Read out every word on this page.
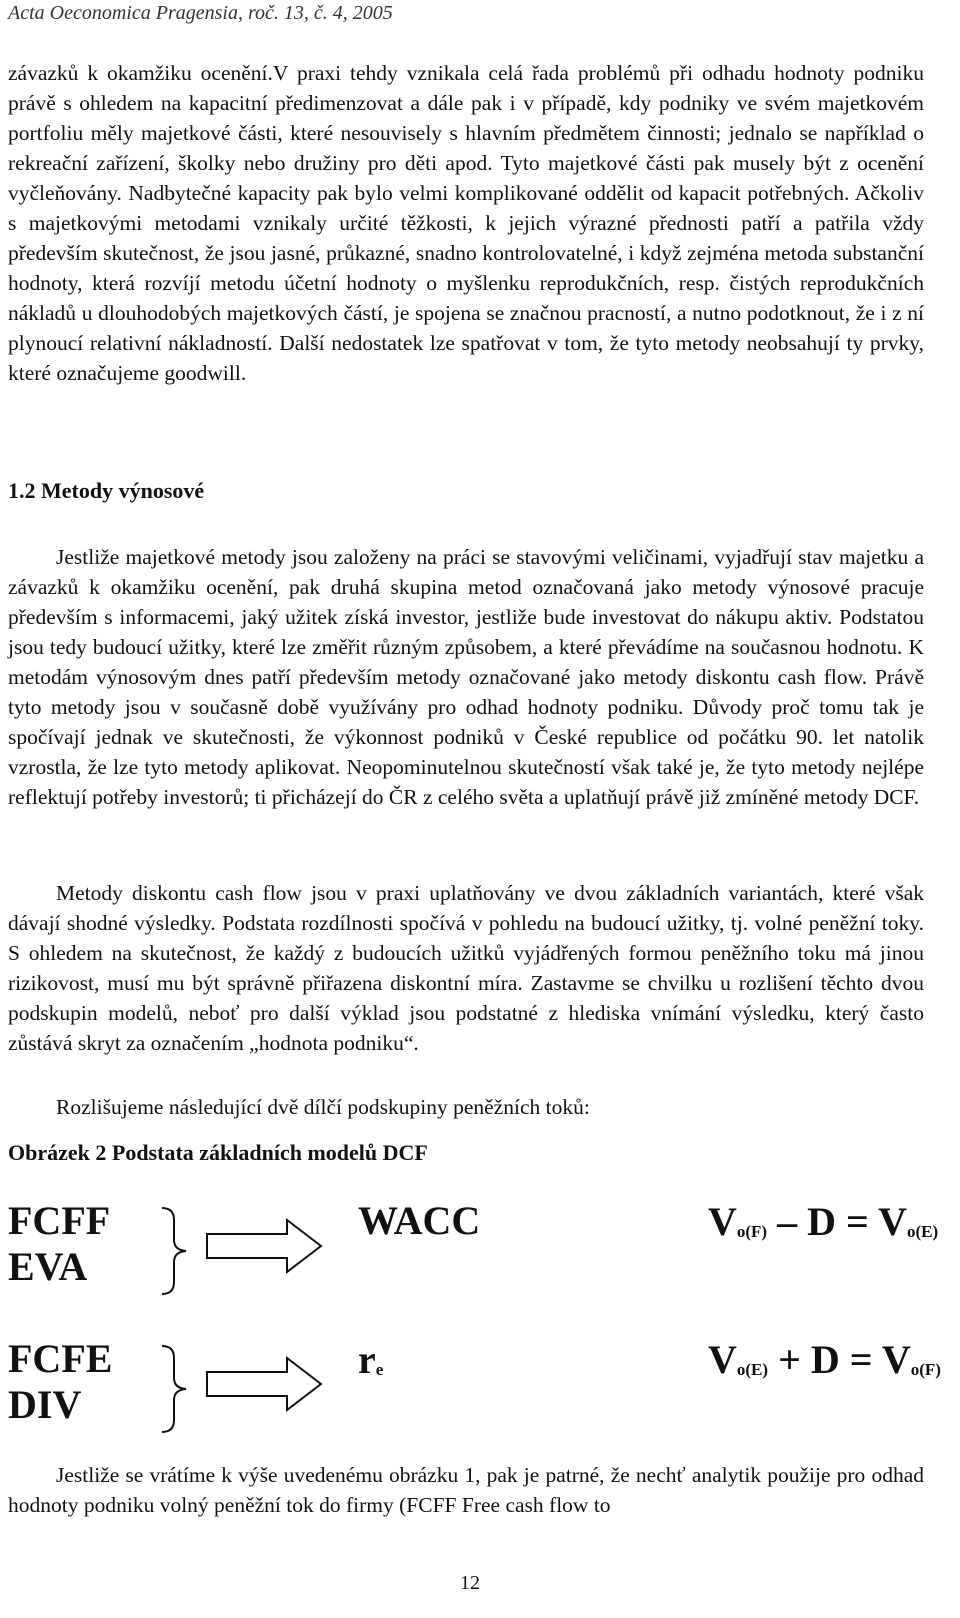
Acta Oeconomica Pragensia, roč. 13, č. 4, 2005

závazků k okamžiku ocenění.V praxi tehdy vznikala celá řada problémů při odhadu hodnoty podniku právě s ohledem na kapacitní předimenzovat a dále pak i v případě, kdy podniky ve svém majetkovém portfoliu měly majetkové části, které nesouvisely s hlavním předmětem činnosti; jednalo se například o rekreační zařízení, školky nebo družiny pro děti apod. Tyto majetkové části pak musely být z ocenění vyčleňovány. Nadbytečné kapacity pak bylo velmi komplikované oddělit od kapacit potřebných. Ačkoliv s majetkovými metodami vznikaly určité těžkosti, k jejich výrazné přednosti patří a patřila vždy především skutečnost, že jsou jasné, průkazné, snadno kontrolovatelné, i když zejména metoda substanční hodnoty, která rozvíjí metodu účetní hodnoty o myšlenku reprodukčních, resp. čistých reprodukčních nákladů u dlouhodobých majetkových částí, je spojena se značnou pracností, a nutno podotknout, že i z ní plynoucí relativní nákladností. Další nedostatek lze spatřovat v tom, že tyto metody neobsahují ty prvky, které označujeme goodwill.

1.2 Metody výnosové

Jestliže majetkové metody jsou založeny na práci se stavovými veličinami, vyjadřují stav majetku a závazků k okamžiku ocenění, pak druhá skupina metod označovaná jako metody výnosové pracuje především s informacemi, jaký užitek získá investor, jestliže bude investovat do nákupu aktiv. Podstatou jsou tedy budoucí užitky, které lze změřit různým způsobem, a které převádíme na současnou hodnotu. K metodám výnosovým dnes patří především metody označované jako metody diskontu cash flow. Právě tyto metody jsou v současně době využívány pro odhad hodnoty podniku. Důvody proč tomu tak je spočívají jednak ve skutečnosti, že výkonnost podniků v České republice od počátku 90. let natolik vzrostla, že lze tyto metody aplikovat. Neopominutelnou skutečností však také je, že tyto metody nejlépe reflektují potřeby investorů; ti přicházejí do ČR z celého světa a uplatňují právě již zmíněné metody DCF.

Metody diskontu cash flow jsou v praxi uplatňovány ve dvou základních variantách, které však dávají shodné výsledky. Podstata rozdílnosti spočívá v pohledu na budoucí užitky, tj. volné peněžní toky. S ohledem na skutečnost, že každý z budoucích užitků vyjádřených formou peněžního toku má jinou rizikovost, musí mu být správně přiřazena diskontní míra. Zastavme se chvilku u rozlišení těchto dvou podskupin modelů, neboť pro další výklad jsou podstatné z hlediska vnímání výsledku, který často zůstává skryt za označením „hodnota podniku“.

Rozlišujeme následující dvě dílčí podskupiny peněžních toků:

Obrázek 2 Podstata základních modelů DCF
FCFF
EVA
WACC	$V_{o(F)} - D = V_{o(E)}$
FCFE
DIV
$r_e$	$V_{o(E)} + D = V_{o(F)}$

Jestliže se vrátíme k výše uvedenému obrázku 1, pak je patrné, že nechť analytik použije pro odhad hodnoty podniku volný peněžní tok do firmy (FCFF Free cash flow to

12
